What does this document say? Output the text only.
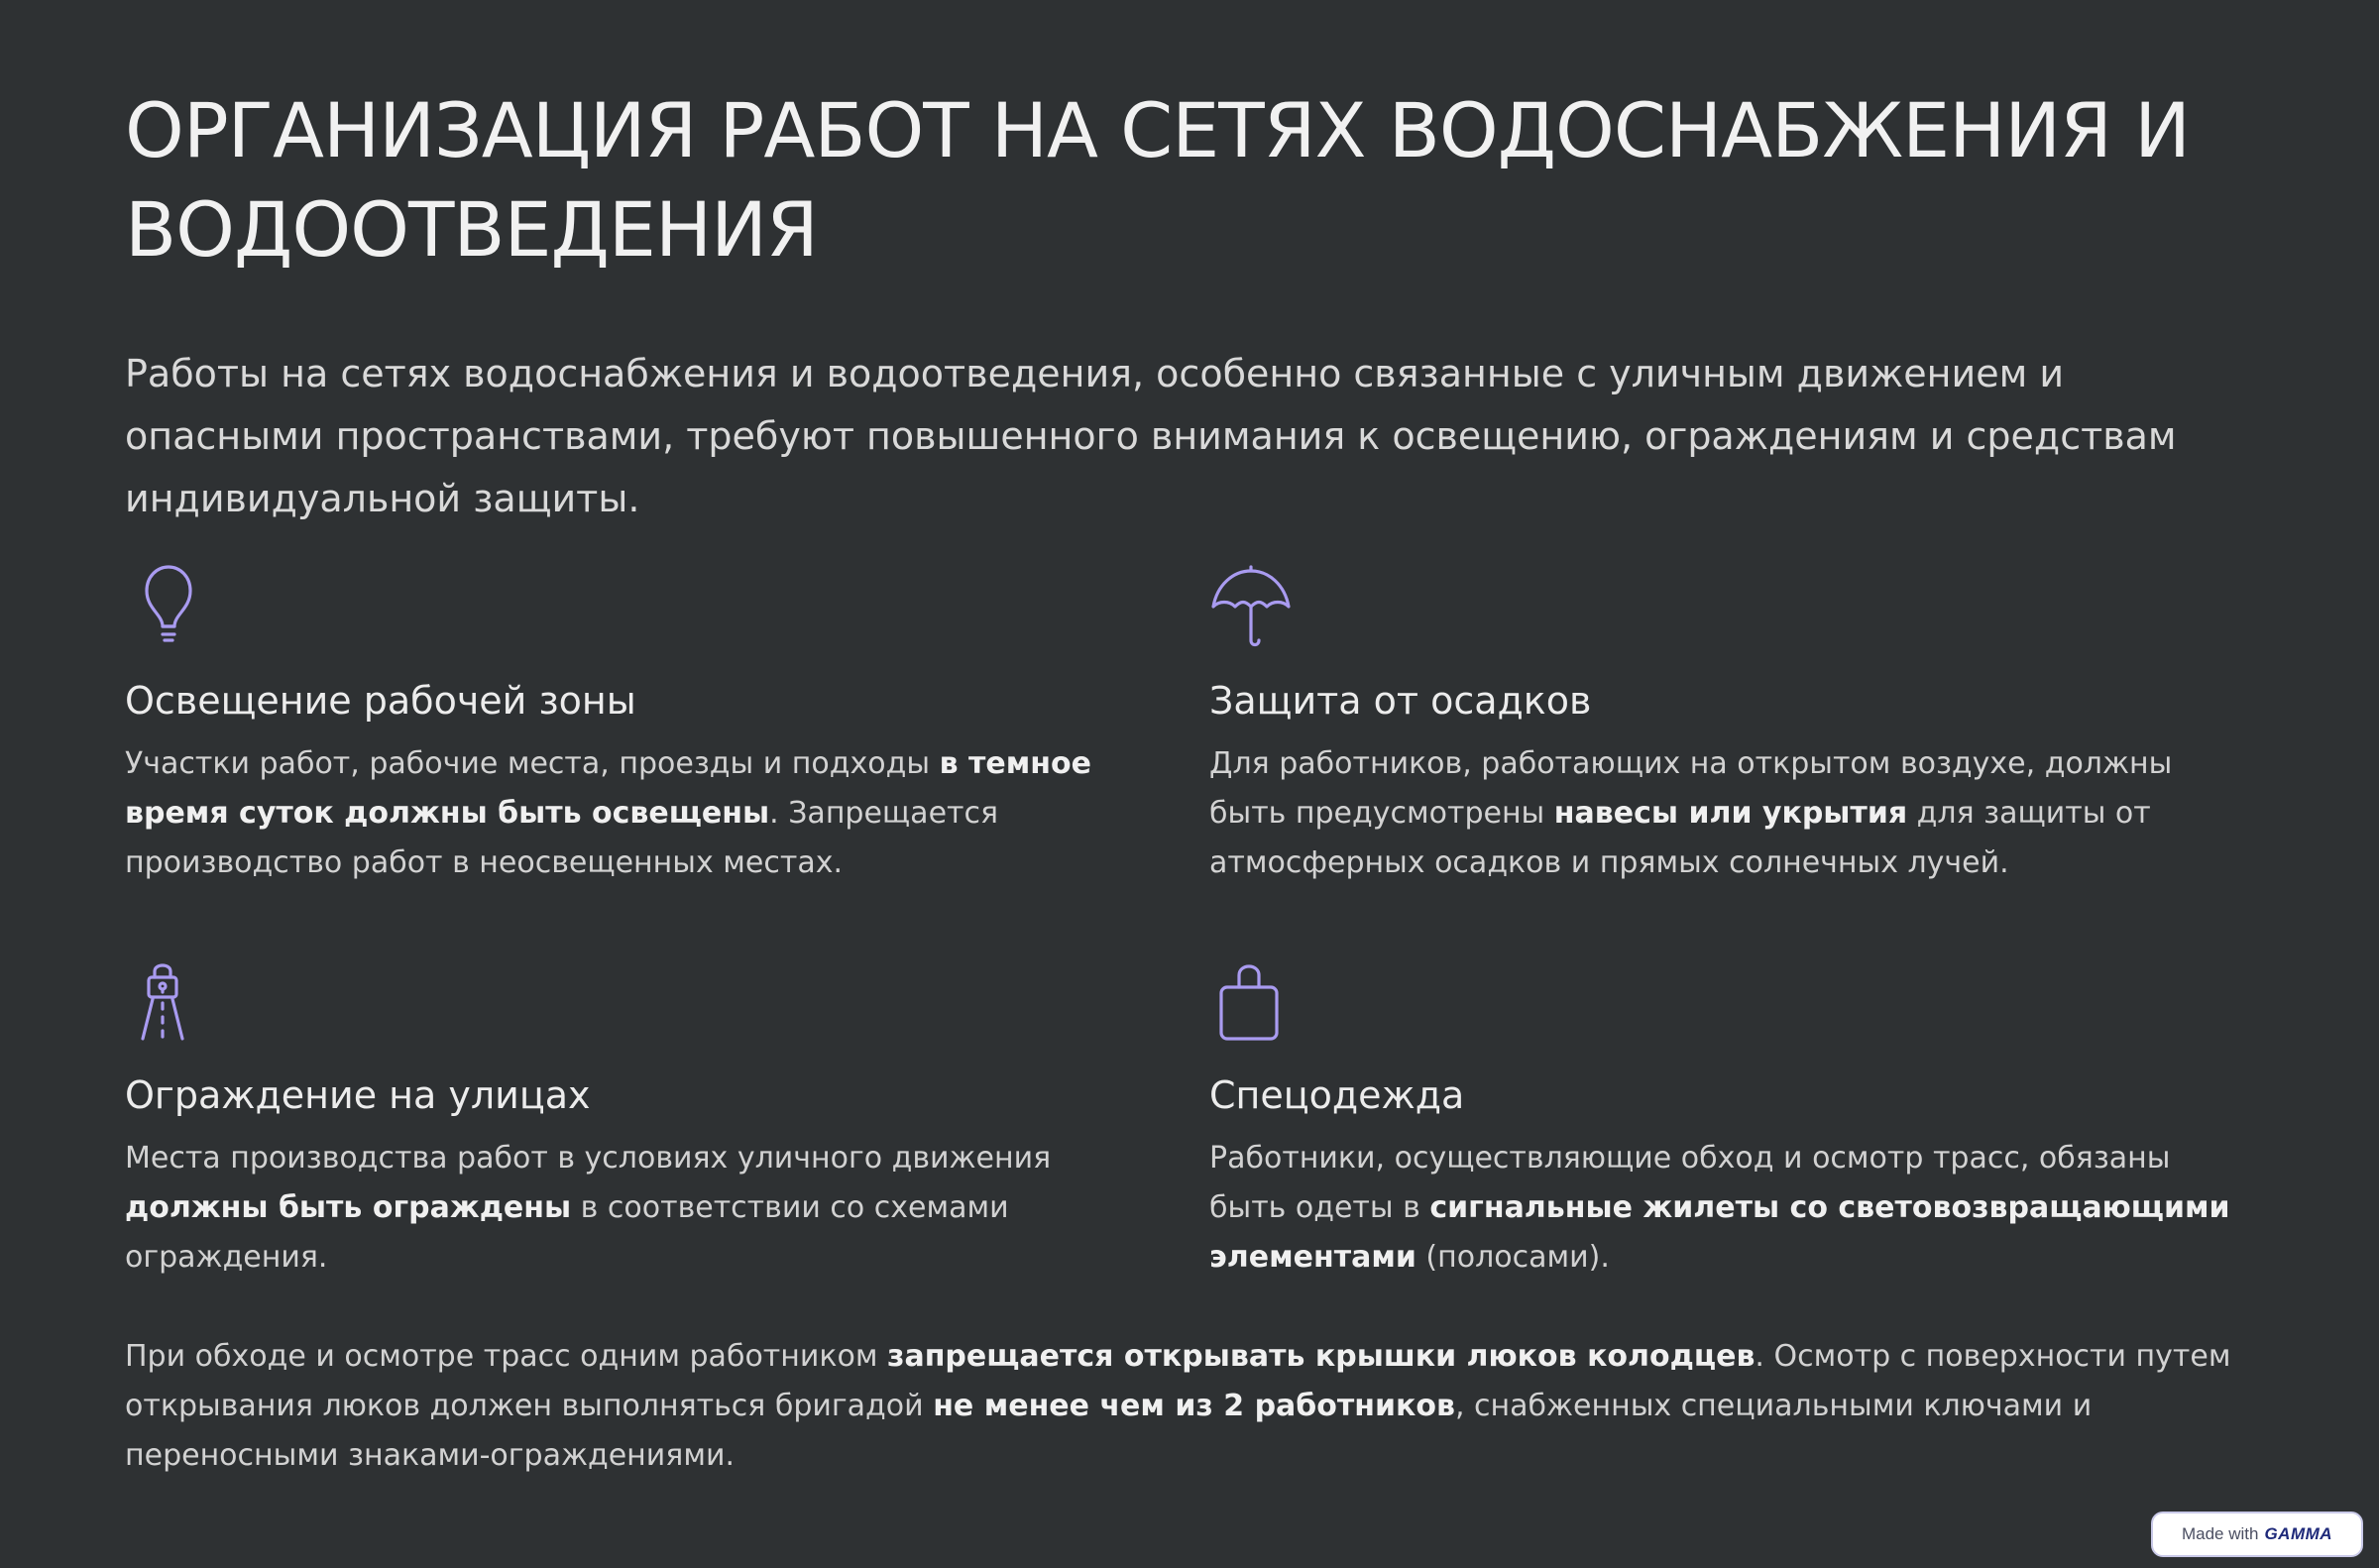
ОРГАНИЗАЦИЯ РАБОТ НА СЕТЯХ ВОДОСНАБЖЕНИЯ И ВОДООТВЕДЕНИЯ

Работы на сетях водоснабжения и водоотведения, особенно связанные с уличным движением и опасными пространствами, требуют повышенного внимания к освещению, ограждениям и средствам индивидуальной защиты.

Освещение рабочей зоны

Участки работ, рабочие места, проезды и подходы в темное время суток должны быть освещены. Запрещается производство работ в неосвещенных местах.

Защита от осадков

Для работников, работающих на открытом воздухе, должны быть предусмотрены навесы или укрытия для защиты от атмосферных осадков и прямых солнечных лучей.

Ограждение на улицах

Места производства работ в условиях уличного движения должны быть ограждены в соответствии со схемами ограждения.

Спецодежда

Работники, осуществляющие обход и осмотр трасс, обязаны быть одеты в сигнальные жилеты со световозвращающими элементами (полосами).

При обходе и осмотре трасс одним работником запрещается открывать крышки люков колодцев. Осмотр с поверхности путем открывания люков должен выполняться бригадой не менее чем из 2 работников, снабженных специальными ключами и переносными знаками-ограждениями.

Made with GAMMA
